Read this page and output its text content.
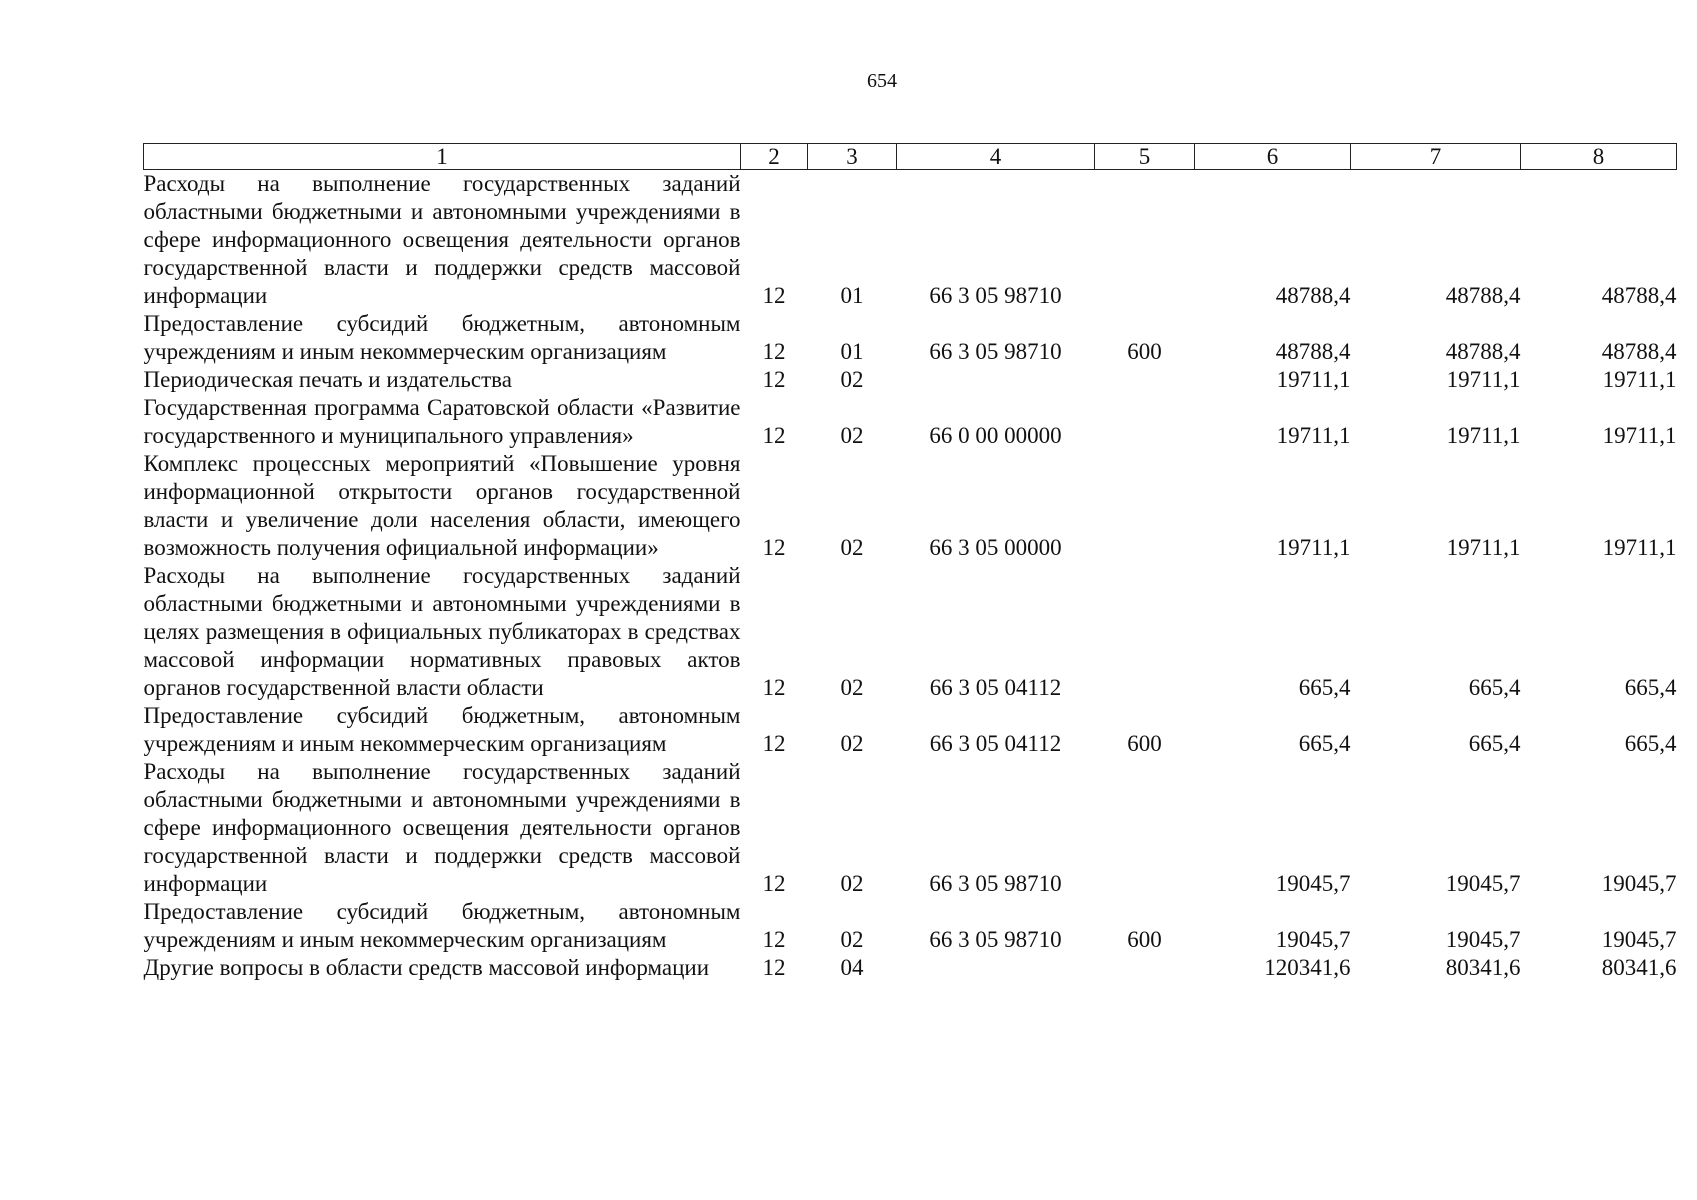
654
1	2	3	4	5	6	7	8
Расходы на выполнение государственных заданий областными бюджетными и автономными учреждениями в сфере информационного освещения деятельности органов государственной власти и поддержки средств массовой информации	12	01	66 3 05 98710		48788,4	48788,4	48788,4
Предоставление субсидий бюджетным, автономным учреждениям и иным некоммерческим организациям	12	01	66 3 05 98710	600	48788,4	48788,4	48788,4
Периодическая печать и издательства	12	02			19711,1	19711,1	19711,1
Государственная программа Саратовской области «Развитие государственного и муниципального управления»	12	02	66 0 00 00000		19711,1	19711,1	19711,1
Комплекс процессных мероприятий «Повышение уровня информационной открытости органов государственной власти и увеличение доли населения области, имеющего возможность получения официальной информации»	12	02	66 3 05 00000		19711,1	19711,1	19711,1
Расходы на выполнение государственных заданий областными бюджетными и автономными учреждениями в целях размещения в официальных публикаторах в средствах массовой информации нормативных правовых актов органов государственной власти области	12	02	66 3 05 04112		665,4	665,4	665,4
Предоставление субсидий бюджетным, автономным учреждениям и иным некоммерческим организациям	12	02	66 3 05 04112	600	665,4	665,4	665,4
Расходы на выполнение государственных заданий областными бюджетными и автономными учреждениями в сфере информационного освещения деятельности органов государственной власти и поддержки средств массовой информации	12	02	66 3 05 98710		19045,7	19045,7	19045,7
Предоставление субсидий бюджетным, автономным учреждениям и иным некоммерческим организациям	12	02	66 3 05 98710	600	19045,7	19045,7	19045,7
Другие вопросы в области средств массовой информации	12	04			120341,6	80341,6	80341,6
